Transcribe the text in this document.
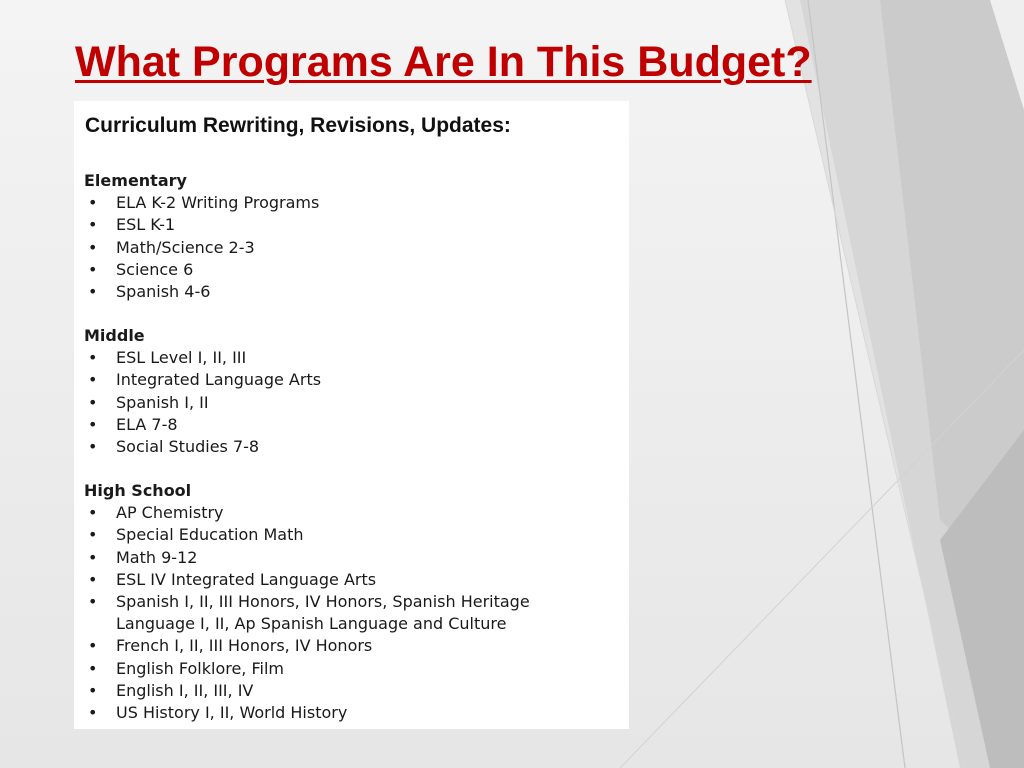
What Programs Are In This Budget?
Curriculum Rewriting, Revisions, Updates:
Elementary
• ELA K-2 Writing Programs
• ESL K-1
• Math/Science 2-3
• Science 6
• Spanish 4-6
Middle
• ESL Level I, II, III
• Integrated Language Arts
• Spanish I, II
• ELA 7-8
• Social Studies 7-8
High School
• AP Chemistry
• Special Education Math
• Math 9-12
• ESL IV Integrated Language Arts
• Spanish I, II, III Honors, IV Honors, Spanish Heritage
Language I, II, Ap Spanish Language and Culture
• French I, II, III Honors, IV Honors
• English Folklore, Film
• English I, II, III, IV
• US History I, II, World History
